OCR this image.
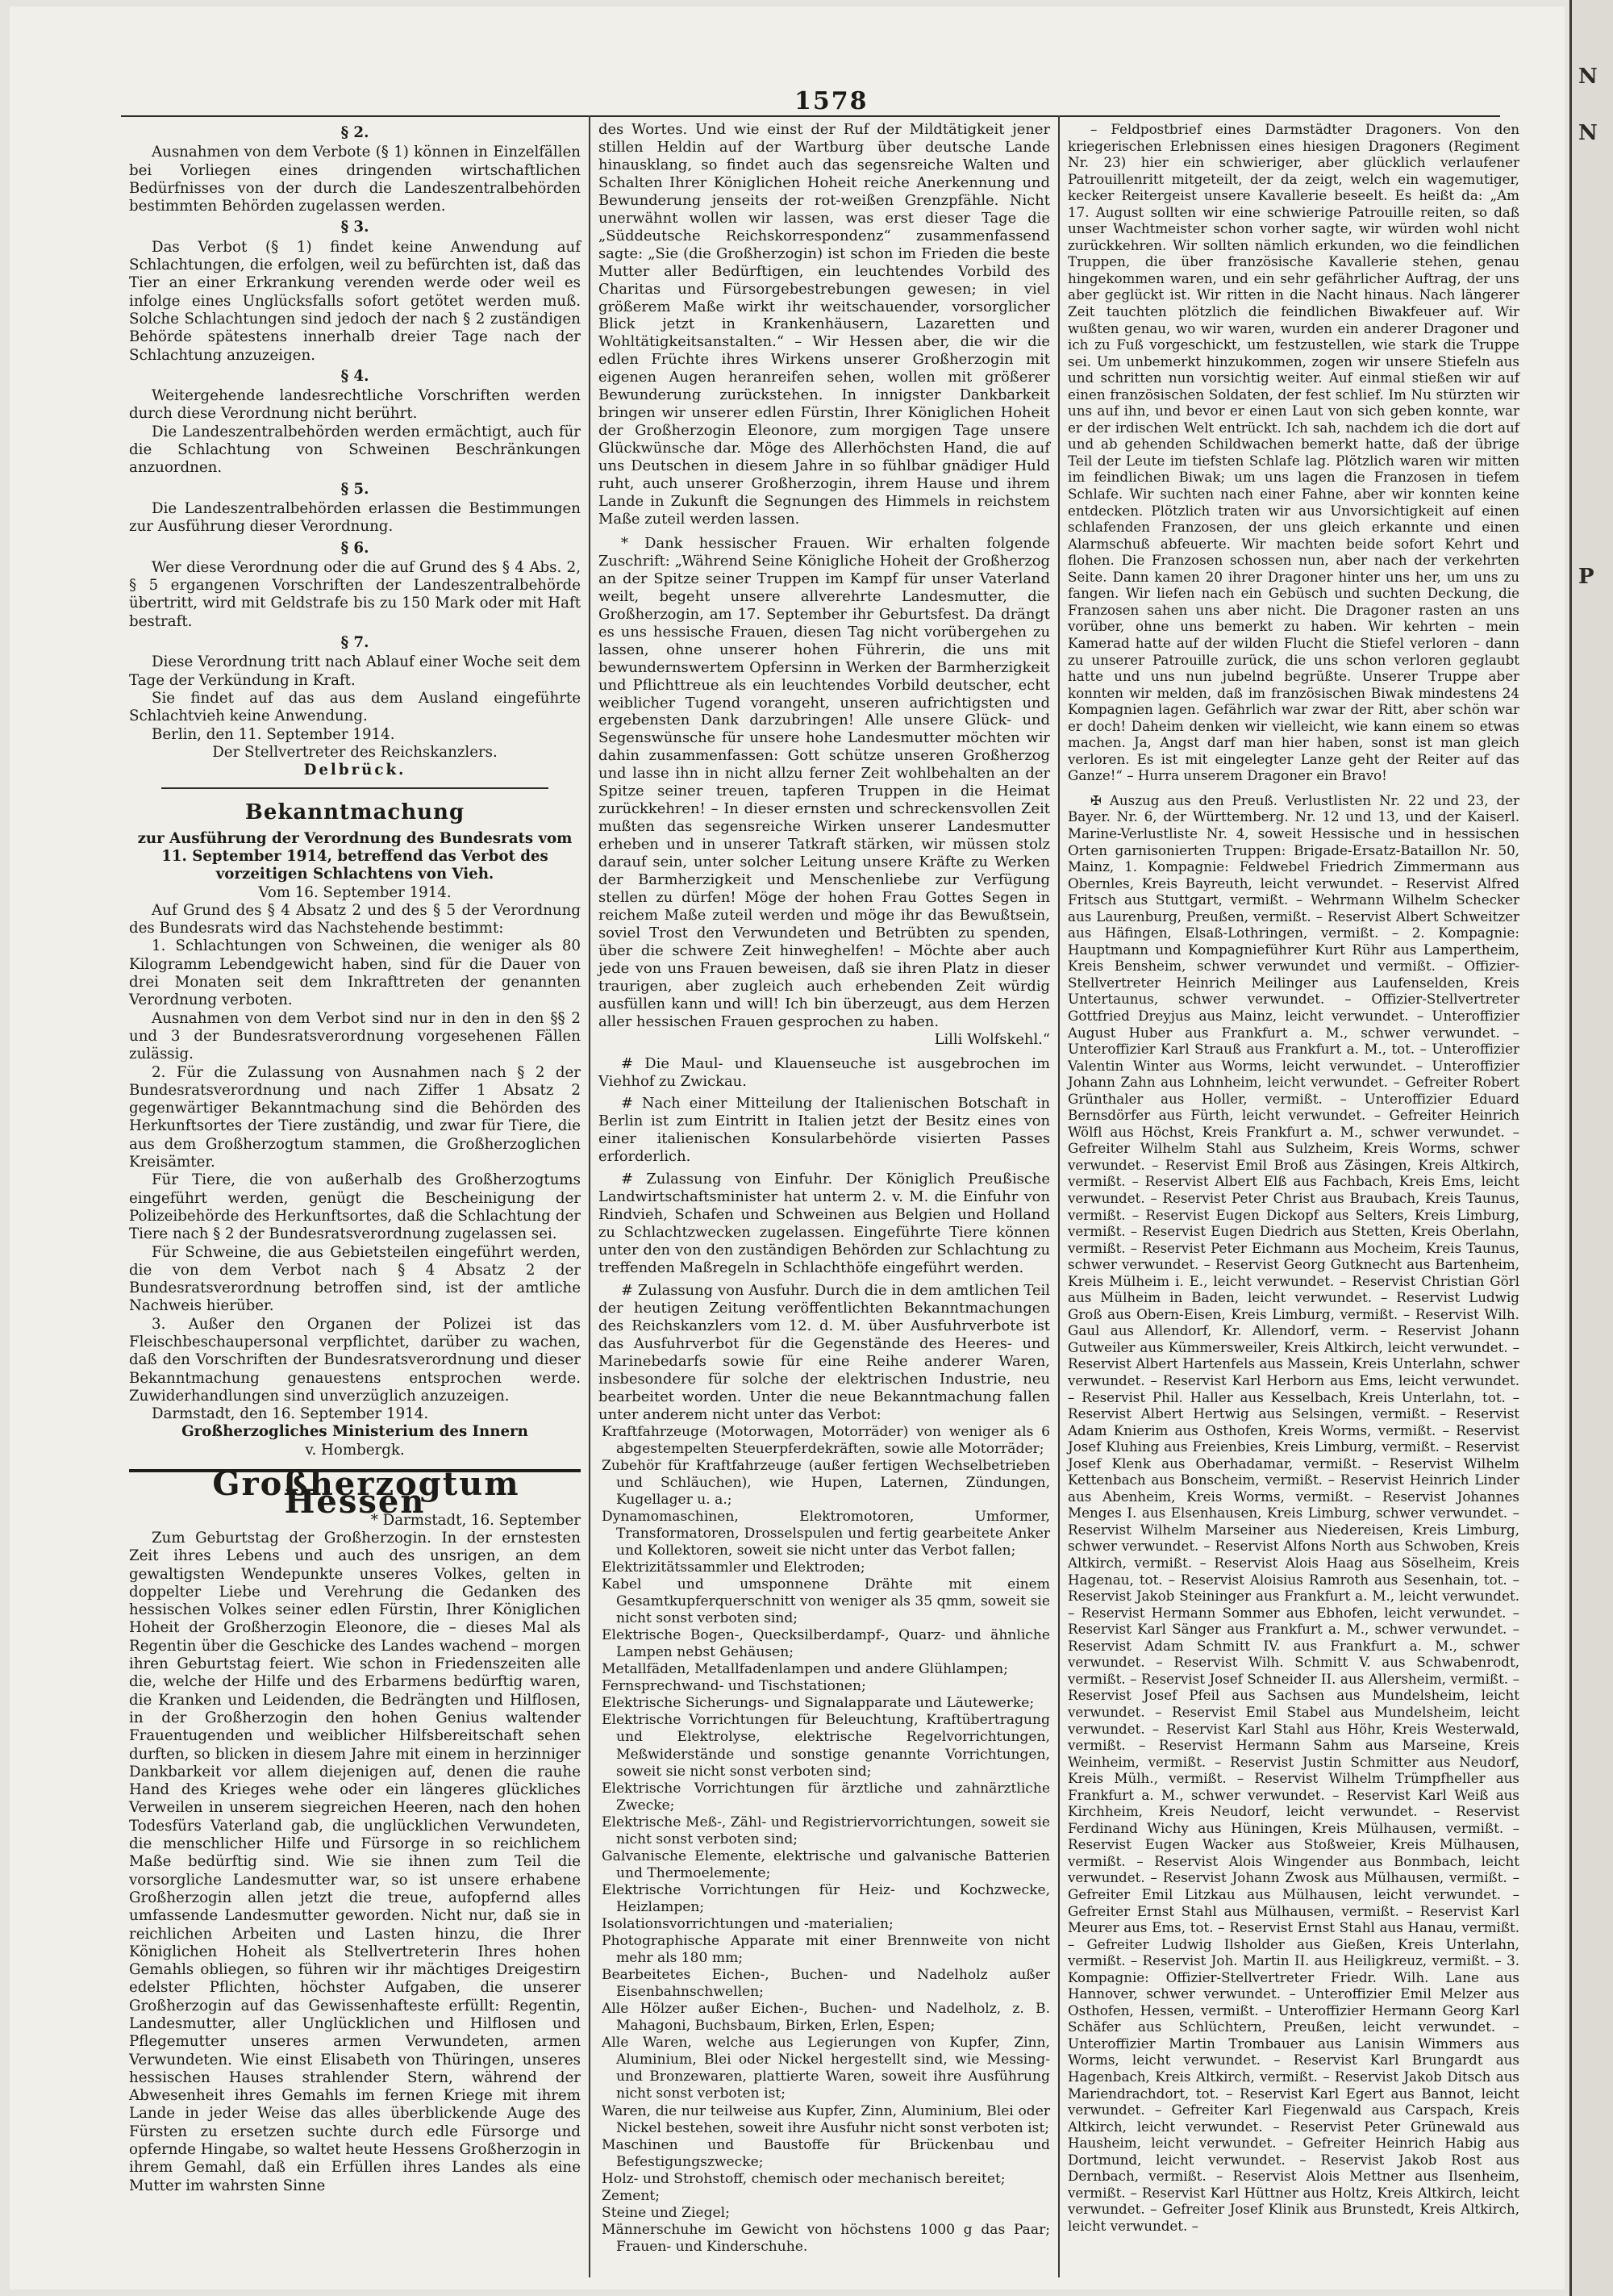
N
N
P
1578

§ 2.

Ausnahmen von dem Verbote (§ 1) können in Einzelfällen bei Vorliegen eines dringenden wirtschaftlichen Bedürfnisses von der durch die Landeszentralbehörden bestimmten Behörden zugelassen werden.

§ 3.

Das Verbot (§ 1) findet keine Anwendung auf Schlachtungen, die erfolgen, weil zu befürchten ist, daß das Tier an einer Erkrankung verenden werde oder weil es infolge eines Unglücksfalls sofort getötet werden muß. Solche Schlachtungen sind jedoch der nach § 2 zuständigen Behörde spätestens innerhalb dreier Tage nach der Schlachtung anzuzeigen.

§ 4.

Weitergehende landesrechtliche Vorschriften werden durch diese Verordnung nicht berührt.

Die Landeszentralbehörden werden ermächtigt, auch für die Schlachtung von Schweinen Beschränkungen anzuordnen.

§ 5.

Die Landeszentralbehörden erlassen die Bestimmungen zur Ausführung dieser Verordnung.

§ 6.

Wer diese Verordnung oder die auf Grund des § 4 Abs. 2, § 5 ergangenen Vorschriften der Landeszentralbehörde übertritt, wird mit Geldstrafe bis zu 150 Mark oder mit Haft bestraft.

§ 7.

Diese Verordnung tritt nach Ablauf einer Woche seit dem Tage der Verkündung in Kraft.

Sie findet auf das aus dem Ausland eingeführte Schlachtvieh keine Anwendung.

Berlin, den 11. September 1914.

Der Stellvertreter des Reichskanzlers.

Delbrück.

Bekanntmachung

zur Ausführung der Verordnung des Bundesrats vom 11. September 1914, betreffend das Verbot des vorzeitigen Schlachtens von Vieh.

Vom 16. September 1914.

Auf Grund des § 4 Absatz 2 und des § 5 der Verordnung des Bundesrats wird das Nachstehende bestimmt:

1. Schlachtungen von Schweinen, die weniger als 80 Kilogramm Lebendgewicht haben, sind für die Dauer von drei Monaten seit dem Inkrafttreten der genannten Verordnung verboten.

Ausnahmen von dem Verbot sind nur in den in den §§ 2 und 3 der Bundesratsverordnung vorgesehenen Fällen zulässig.

2. Für die Zulassung von Ausnahmen nach § 2 der Bundesratsverordnung und nach Ziffer 1 Absatz 2 gegenwärtiger Bekanntmachung sind die Behörden des Herkunftsortes der Tiere zuständig, und zwar für Tiere, die aus dem Großherzogtum stammen, die Großherzoglichen Kreisämter.

Für Tiere, die von außerhalb des Großherzogtums eingeführt werden, genügt die Bescheinigung der Polizeibehörde des Herkunftsortes, daß die Schlachtung der Tiere nach § 2 der Bundesratsverordnung zugelassen sei.

Für Schweine, die aus Gebietsteilen eingeführt werden, die von dem Verbot nach § 4 Absatz 2 der Bundesratsverordnung betroffen sind, ist der amtliche Nachweis hierüber.

3. Außer den Organen der Polizei ist das Fleischbeschaupersonal verpflichtet, darüber zu wachen, daß den Vorschriften der Bundesratsverordnung und dieser Bekanntmachung genauestens entsprochen werde. Zuwiderhandlungen sind unverzüglich anzuzeigen.

Darmstadt, den 16. September 1914.

Großherzogliches Ministerium des Innern

v. Hombergk.

Großherzogtum Hessen

* Darmstadt, 16. September

Zum Geburtstag der Großherzogin. In der ernstesten Zeit ihres Lebens und auch des unsrigen, an dem gewaltigsten Wendepunkte unseres Volkes, gelten in doppelter Liebe und Verehrung die Gedanken des hessischen Volkes seiner edlen Fürstin, Ihrer Königlichen Hoheit der Großherzogin Eleonore, die – dieses Mal als Regentin über die Geschicke des Landes wachend – morgen ihren Geburtstag feiert. Wie schon in Friedenszeiten alle die, welche der Hilfe und des Erbarmens bedürftig waren, die Kranken und Leidenden, die Bedrängten und Hilflosen, in der Großherzogin den hohen Genius waltender Frauentugenden und weiblicher Hilfsbereitschaft sehen durften, so blicken in diesem Jahre mit einem in herzinniger Dankbarkeit vor allem diejenigen auf, denen die rauhe Hand des Krieges wehe oder ein längeres glückliches Verweilen in unserem siegreichen Heeren, nach den hohen Todesfürs Vaterland gab, die unglücklichen Verwundeten, die menschlicher Hilfe und Fürsorge in so reichlichem Maße bedürftig sind. Wie sie ihnen zum Teil die vorsorgliche Landesmutter war, so ist unsere erhabene Großherzogin allen jetzt die treue, aufopfernd alles umfassende Landesmutter geworden. Nicht nur, daß sie in reichlichen Arbeiten und Lasten hinzu, die Ihrer Königlichen Hoheit als Stellvertreterin Ihres hohen Gemahls obliegen, so führen wir ihr mächtiges Dreigestirn edelster Pflichten, höchster Aufgaben, die unserer Großherzogin auf das Gewissenhafteste erfüllt: Regentin, Landesmutter, aller Unglücklichen und Hilflosen und Pflegemutter unseres armen Verwundeten, armen Verwundeten. Wie einst Elisabeth von Thüringen, unseres hessischen Hauses strahlender Stern, während der Abwesenheit ihres Gemahls im fernen Kriege mit ihrem Lande in jeder Weise das alles überblickende Auge des Fürsten zu ersetzen suchte durch edle Fürsorge und opfernde Hingabe, so waltet heute Hessens Großherzogin in ihrem Gemahl, daß ein Erfüllen ihres Landes als eine Mutter im wahrsten Sinne

des Wortes. Und wie einst der Ruf der Mildtätigkeit jener stillen Heldin auf der Wartburg über deutsche Lande hinausklang, so findet auch das segensreiche Walten und Schalten Ihrer Königlichen Hoheit reiche Anerkennung und Bewunderung jenseits der rot-weißen Grenzpfähle. Nicht unerwähnt wollen wir lassen, was erst dieser Tage die „Süddeutsche Reichskorrespondenz“ zusammenfassend sagte: „Sie (die Großherzogin) ist schon im Frieden die beste Mutter aller Bedürftigen, ein leuchtendes Vorbild des Charitas und Fürsorgebestrebungen gewesen; in viel größerem Maße wirkt ihr weitschauender, vorsorglicher Blick jetzt in Krankenhäusern, Lazaretten und Wohltätigkeitsanstalten.“ – Wir Hessen aber, die wir die edlen Früchte ihres Wirkens unserer Großherzogin mit eigenen Augen heranreifen sehen, wollen mit größerer Bewunderung zurückstehen. In innigster Dankbarkeit bringen wir unserer edlen Fürstin, Ihrer Königlichen Hoheit der Großherzogin Eleonore, zum morgigen Tage unsere Glückwünsche dar. Möge des Allerhöchsten Hand, die auf uns Deutschen in diesem Jahre in so fühlbar gnädiger Huld ruht, auch unserer Großherzogin, ihrem Hause und ihrem Lande in Zukunft die Segnungen des Himmels in reichstem Maße zuteil werden lassen.

* Dank hessischer Frauen. Wir erhalten folgende Zuschrift: „Während Seine Königliche Hoheit der Großherzog an der Spitze seiner Truppen im Kampf für unser Vaterland weilt, begeht unsere allverehrte Landesmutter, die Großherzogin, am 17. September ihr Geburtsfest. Da drängt es uns hessische Frauen, diesen Tag nicht vorübergehen zu lassen, ohne unserer hohen Führerin, die uns mit bewundernswertem Opfersinn in Werken der Barmherzigkeit und Pflichttreue als ein leuchtendes Vorbild deutscher, echt weiblicher Tugend vorangeht, unseren aufrichtigsten und ergebensten Dank darzubringen! Alle unsere Glück- und Segenswünsche für unsere hohe Landesmutter möchten wir dahin zusammenfassen: Gott schütze unseren Großherzog und lasse ihn in nicht allzu ferner Zeit wohlbehalten an der Spitze seiner treuen, tapferen Truppen in die Heimat zurückkehren! – In dieser ernsten und schreckensvollen Zeit mußten das segensreiche Wirken unserer Landesmutter erheben und in unserer Tatkraft stärken, wir müssen stolz darauf sein, unter solcher Leitung unsere Kräfte zu Werken der Barmherzigkeit und Menschenliebe zur Verfügung stellen zu dürfen! Möge der hohen Frau Gottes Segen in reichem Maße zuteil werden und möge ihr das Bewußtsein, soviel Trost den Verwundeten und Betrübten zu spenden, über die schwere Zeit hinweghelfen! – Möchte aber auch jede von uns Frauen beweisen, daß sie ihren Platz in dieser traurigen, aber zugleich auch erhebenden Zeit würdig ausfüllen kann und will! Ich bin überzeugt, aus dem Herzen aller hessischen Frauen gesprochen zu haben.

Lilli Wolfskehl.“

# Die Maul- und Klauenseuche ist ausgebrochen im Viehhof zu Zwickau.

# Nach einer Mitteilung der Italienischen Botschaft in Berlin ist zum Eintritt in Italien jetzt der Besitz eines von einer italienischen Konsularbehörde visierten Passes erforderlich.

# Zulassung von Einfuhr. Der Königlich Preußische Landwirtschaftsminister hat unterm 2. v. M. die Einfuhr von Rindvieh, Schafen und Schweinen aus Belgien und Holland zu Schlachtzwecken zugelassen. Eingeführte Tiere können unter den von den zuständigen Behörden zur Schlachtung zu treffenden Maßregeln in Schlachthöfe eingeführt werden.

# Zulassung von Ausfuhr. Durch die in dem amtlichen Teil der heutigen Zeitung veröffentlichten Bekanntmachungen des Reichskanzlers vom 12. d. M. über Ausfuhrverbote ist das Ausfuhrverbot für die Gegenstände des Heeres- und Marinebedarfs sowie für eine Reihe anderer Waren, insbesondere für solche der elektrischen Industrie, neu bearbeitet worden. Unter die neue Bekanntmachung fallen unter anderem nicht unter das Verbot:

Kraftfahrzeuge (Motorwagen, Motorräder) von weniger als 6 abgestempelten Steuerpferdekräften, sowie alle Motorräder;

Zubehör für Kraftfahrzeuge (außer fertigen Wechselbetrieben und Schläuchen), wie Hupen, Laternen, Zündungen, Kugellager u. a.;

Dynamomaschinen, Elektromotoren, Umformer, Transformatoren, Drosselspulen und fertig gearbeitete Anker und Kollektoren, soweit sie nicht unter das Verbot fallen;

Elektrizitätssammler und Elektroden;

Kabel und umsponnene Drähte mit einem Gesamtkupferquerschnitt von weniger als 35 qmm, soweit sie nicht sonst verboten sind;

Elektrische Bogen-, Quecksilberdampf-, Quarz- und ähnliche Lampen nebst Gehäusen;

Metallfäden, Metallfadenlampen und andere Glühlampen;

Fernsprechwand- und Tischstationen;

Elektrische Sicherungs- und Signalapparate und Läutewerke;

Elektrische Vorrichtungen für Beleuchtung, Kraftübertragung und Elektrolyse, elektrische Regelvorrichtungen, Meßwiderstände und sonstige genannte Vorrichtungen, soweit sie nicht sonst verboten sind;

Elektrische Vorrichtungen für ärztliche und zahnärztliche Zwecke;

Elektrische Meß-, Zähl- und Registriervorrichtungen, soweit sie nicht sonst verboten sind;

Galvanische Elemente, elektrische und galvanische Batterien und Thermoelemente;

Elektrische Vorrichtungen für Heiz- und Kochzwecke, Heizlampen;

Isolationsvorrichtungen und -materialien;

Photographische Apparate mit einer Brennweite von nicht mehr als 180 mm;

Bearbeitetes Eichen-, Buchen- und Nadelholz außer Eisenbahnschwellen;

Alle Hölzer außer Eichen-, Buchen- und Nadelholz, z. B. Mahagoni, Buchsbaum, Birken, Erlen, Espen;

Alle Waren, welche aus Legierungen von Kupfer, Zinn, Aluminium, Blei oder Nickel hergestellt sind, wie Messing- und Bronzewaren, plattierte Waren, soweit ihre Ausführung nicht sonst verboten ist;

Waren, die nur teilweise aus Kupfer, Zinn, Aluminium, Blei oder Nickel bestehen, soweit ihre Ausfuhr nicht sonst verboten ist;

Maschinen und Baustoffe für Brückenbau und Befestigungszwecke;

Holz- und Strohstoff, chemisch oder mechanisch bereitet;

Zement;

Steine und Ziegel;

Männerschuhe im Gewicht von höchstens 1000 g das Paar; Frauen- und Kinderschuhe.

– Feldpostbrief eines Darmstädter Dragoners. Von den kriegerischen Erlebnissen eines hiesigen Dragoners (Regiment Nr. 23) hier ein schwieriger, aber glücklich verlaufener Patrouillenritt mitgeteilt, der da zeigt, welch ein wagemutiger, kecker Reitergeist unsere Kavallerie beseelt. Es heißt da: „Am 17. August sollten wir eine schwierige Patrouille reiten, so daß unser Wachtmeister schon vorher sagte, wir würden wohl nicht zurückkehren. Wir sollten nämlich erkunden, wo die feindlichen Truppen, die über französische Kavallerie stehen, genau hingekommen waren, und ein sehr gefährlicher Auftrag, der uns aber geglückt ist. Wir ritten in die Nacht hinaus. Nach längerer Zeit tauchten plötzlich die feindlichen Biwakfeuer auf. Wir wußten genau, wo wir waren, wurden ein anderer Dragoner und ich zu Fuß vorgeschickt, um festzustellen, wie stark die Truppe sei. Um unbemerkt hinzukommen, zogen wir unsere Stiefeln aus und schritten nun vorsichtig weiter. Auf einmal stießen wir auf einen französischen Soldaten, der fest schlief. Im Nu stürzten wir uns auf ihn, und bevor er einen Laut von sich geben konnte, war er der irdischen Welt entrückt. Ich sah, nachdem ich die dort auf und ab gehenden Schildwachen bemerkt hatte, daß der übrige Teil der Leute im tiefsten Schlafe lag. Plötzlich waren wir mitten im feindlichen Biwak; um uns lagen die Franzosen in tiefem Schlafe. Wir suchten nach einer Fahne, aber wir konnten keine entdecken. Plötzlich traten wir aus Unvorsichtigkeit auf einen schlafenden Franzosen, der uns gleich erkannte und einen Alarmschuß abfeuerte. Wir machten beide sofort Kehrt und flohen. Die Franzosen schossen nun, aber nach der verkehrten Seite. Dann kamen 20 ihrer Dragoner hinter uns her, um uns zu fangen. Wir liefen nach ein Gebüsch und suchten Deckung, die Franzosen sahen uns aber nicht. Die Dragoner rasten an uns vorüber, ohne uns bemerkt zu haben. Wir kehrten – mein Kamerad hatte auf der wilden Flucht die Stiefel verloren – dann zu unserer Patrouille zurück, die uns schon verloren geglaubt hatte und uns nun jubelnd begrüßte. Unserer Truppe aber konnten wir melden, daß im französischen Biwak mindestens 24 Kompagnien lagen. Gefährlich war zwar der Ritt, aber schön war er doch! Daheim denken wir vielleicht, wie kann einem so etwas machen. Ja, Angst darf man hier haben, sonst ist man gleich verloren. Es ist mit eingelegter Lanze geht der Reiter auf das Ganze!“ – Hurra unserem Dragoner ein Bravo!

✠ Auszug aus den Preuß. Verlustlisten Nr. 22 und 23, der Bayer. Nr. 6, der Württemberg. Nr. 12 und 13, und der Kaiserl. Marine-Verlustliste Nr. 4, soweit Hessische und in hessischen Orten garnisonierten Truppen: Brigade-Ersatz-Bataillon Nr. 50, Mainz, 1. Kompagnie: Feldwebel Friedrich Zimmermann aus Obernles, Kreis Bayreuth, leicht verwundet. – Reservist Alfred Fritsch aus Stuttgart, vermißt. – Wehrmann Wilhelm Schecker aus Laurenburg, Preußen, vermißt. – Reservist Albert Schweitzer aus Häfingen, Elsaß-Lothringen, vermißt. – 2. Kompagnie: Hauptmann und Kompagnieführer Kurt Rühr aus Lampertheim, Kreis Bensheim, schwer verwundet und vermißt. – Offizier-Stellvertreter Heinrich Meilinger aus Laufenselden, Kreis Untertaunus, schwer verwundet. – Offizier-Stellvertreter Gottfried Dreyjus aus Mainz, leicht verwundet. – Unteroffizier August Huber aus Frankfurt a. M., schwer verwundet. – Unteroffizier Karl Strauß aus Frankfurt a. M., tot. – Unteroffizier Valentin Winter aus Worms, leicht verwundet. – Unteroffizier Johann Zahn aus Lohnheim, leicht verwundet. – Gefreiter Robert Grünthaler aus Holler, vermißt. – Unteroffizier Eduard Bernsdörfer aus Fürth, leicht verwundet. – Gefreiter Heinrich Wölfl aus Höchst, Kreis Frankfurt a. M., schwer verwundet. – Gefreiter Wilhelm Stahl aus Sulzheim, Kreis Worms, schwer verwundet. – Reservist Emil Broß aus Zäsingen, Kreis Altkirch, vermißt. – Reservist Albert Elß aus Fachbach, Kreis Ems, leicht verwundet. – Reservist Peter Christ aus Braubach, Kreis Taunus, vermißt. – Reservist Eugen Dickopf aus Selters, Kreis Limburg, vermißt. – Reservist Eugen Diedrich aus Stetten, Kreis Oberlahn, vermißt. – Reservist Peter Eichmann aus Mocheim, Kreis Taunus, schwer verwundet. – Reservist Georg Gutknecht aus Bartenheim, Kreis Mülheim i. E., leicht verwundet. – Reservist Christian Görl aus Mülheim in Baden, leicht verwundet. – Reservist Ludwig Groß aus Obern-Eisen, Kreis Limburg, vermißt. – Reservist Wilh. Gaul aus Allendorf, Kr. Allendorf, verm. – Reservist Johann Gutweiler aus Kümmersweiler, Kreis Altkirch, leicht verwundet. – Reservist Albert Hartenfels aus Massein, Kreis Unterlahn, schwer verwundet. – Reservist Karl Herborn aus Ems, leicht verwundet. – Reservist Phil. Haller aus Kesselbach, Kreis Unterlahn, tot. – Reservist Albert Hertwig aus Selsingen, vermißt. – Reservist Adam Knierim aus Osthofen, Kreis Worms, vermißt. – Reservist Josef Kluhing aus Freienbies, Kreis Limburg, vermißt. – Reservist Josef Klenk aus Oberhadamar, vermißt. – Reservist Wilhelm Kettenbach aus Bonscheim, vermißt. – Reservist Heinrich Linder aus Abenheim, Kreis Worms, vermißt. – Reservist Johannes Menges I. aus Elsenhausen, Kreis Limburg, schwer verwundet. – Reservist Wilhelm Marseiner aus Niedereisen, Kreis Limburg, schwer verwundet. – Reservist Alfons North aus Schwoben, Kreis Altkirch, vermißt. – Reservist Alois Haag aus Söselheim, Kreis Hagenau, tot. – Reservist Aloisius Ramroth aus Sesenhain, tot. – Reservist Jakob Steininger aus Frankfurt a. M., leicht verwundet. – Reservist Hermann Sommer aus Ebhofen, leicht verwundet. – Reservist Karl Sänger aus Frankfurt a. M., schwer verwundet. – Reservist Adam Schmitt IV. aus Frankfurt a. M., schwer verwundet. – Reservist Wilh. Schmitt V. aus Schwabenrodt, vermißt. – Reservist Josef Schneider II. aus Allersheim, vermißt. – Reservist Josef Pfeil aus Sachsen aus Mundelsheim, leicht verwundet. – Reservist Emil Stabel aus Mundelsheim, leicht verwundet. – Reservist Karl Stahl aus Höhr, Kreis Westerwald, vermißt. – Reservist Hermann Sahm aus Marseine, Kreis Weinheim, vermißt. – Reservist Justin Schmitter aus Neudorf, Kreis Mülh., vermißt. – Reservist Wilhelm Trümpfheller aus Frankfurt a. M., schwer verwundet. – Reservist Karl Weiß aus Kirchheim, Kreis Neudorf, leicht verwundet. – Reservist Ferdinand Wichy aus Hüningen, Kreis Mülhausen, vermißt. – Reservist Eugen Wacker aus Stoßweier, Kreis Mülhausen, vermißt. – Reservist Alois Wingender aus Bonmbach, leicht verwundet. – Reservist Johann Zwosk aus Mülhausen, vermißt. – Gefreiter Emil Litzkau aus Mülhausen, leicht verwundet. – Gefreiter Ernst Stahl aus Mülhausen, vermißt. – Reservist Karl Meurer aus Ems, tot. – Reservist Ernst Stahl aus Hanau, vermißt. – Gefreiter Ludwig Ilsholder aus Gießen, Kreis Unterlahn, vermißt. – Reservist Joh. Martin II. aus Heiligkreuz, vermißt. – 3. Kompagnie: Offizier-Stellvertreter Friedr. Wilh. Lane aus Hannover, schwer verwundet. – Unteroffizier Emil Melzer aus Osthofen, Hessen, vermißt. – Unteroffizier Hermann Georg Karl Schäfer aus Schlüchtern, Preußen, leicht verwundet. – Unteroffizier Martin Trombauer aus Lanisin Wimmers aus Worms, leicht verwundet. – Reservist Karl Brungardt aus Hagenbach, Kreis Altkirch, vermißt. – Reservist Jakob Ditsch aus Mariendrachdort, tot. – Reservist Karl Egert aus Bannot, leicht verwundet. – Gefreiter Karl Fiegenwald aus Carspach, Kreis Altkirch, leicht verwundet. – Reservist Peter Grünewald aus Hausheim, leicht verwundet. – Gefreiter Heinrich Habig aus Dortmund, leicht verwundet. – Reservist Jakob Rost aus Dernbach, vermißt. – Reservist Alois Mettner aus Ilsenheim, vermißt. – Reservist Karl Hüttner aus Holtz, Kreis Altkirch, leicht verwundet. – Gefreiter Josef Klinik aus Brunstedt, Kreis Altkirch, leicht verwundet. –
